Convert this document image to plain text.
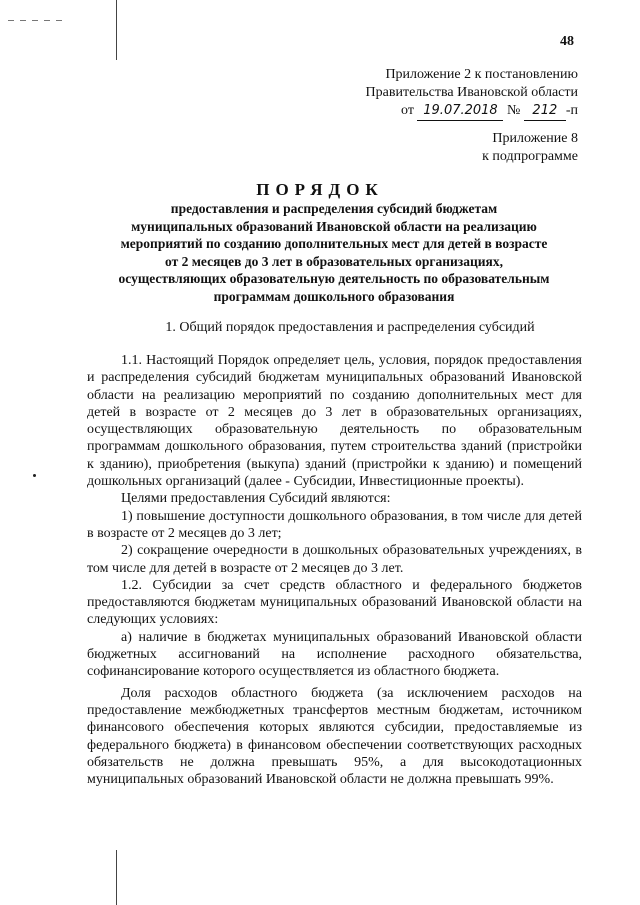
48
Приложение 2 к постановлению
Правительства Ивановской области
от 19.07.2018 № 212 -п
Приложение 8
к подпрограмме
ПОРЯДОК
предоставления и распределения субсидий бюджетам
муниципальных образований Ивановской области на реализацию
мероприятий по созданию дополнительных мест для детей в возрасте
от 2 месяцев до 3 лет в образовательных организациях,
осуществляющих образовательную деятельность по образовательным
программам дошкольного образования
1. Общий порядок предоставления и распределения субсидий

1.1. Настоящий Порядок определяет цель, условия, порядок предоставления и распределения субсидий бюджетам муниципальных образований Ивановской области на реализацию мероприятий по созданию дополнительных мест для детей в возрасте от 2 месяцев до 3 лет в образовательных организациях, осуществляющих образовательную деятельность по образовательным программам дошкольного образования, путем строительства зданий (пристройки к зданию), приобретения (выкупа) зданий (пристройки к зданию) и помещений дошкольных организаций (далее - Субсидии, Инвестиционные проекты).

Целями предоставления Субсидий являются:

1) повышение доступности дошкольного образования, в том числе для детей в возрасте от 2 месяцев до 3 лет;

2) сокращение очередности в дошкольных образовательных учреждениях, в том числе для детей в возрасте от 2 месяцев до 3 лет.

1.2. Субсидии за счет средств областного и федерального бюджетов предоставляются бюджетам муниципальных образований Ивановской области на следующих условиях:

а) наличие в бюджетах муниципальных образований Ивановской области бюджетных ассигнований на исполнение расходного обязательства, софинансирование которого осуществляется из областного бюджета.

Доля расходов областного бюджета (за исключением расходов на предоставление межбюджетных трансфертов местным бюджетам, источником финансового обеспечения которых являются субсидии, предоставляемые из федерального бюджета) в финансовом обеспечении соответствующих расходных обязательств не должна превышать 95%, а для высокодотационных муниципальных образований Ивановской области не должна превышать 99%.
